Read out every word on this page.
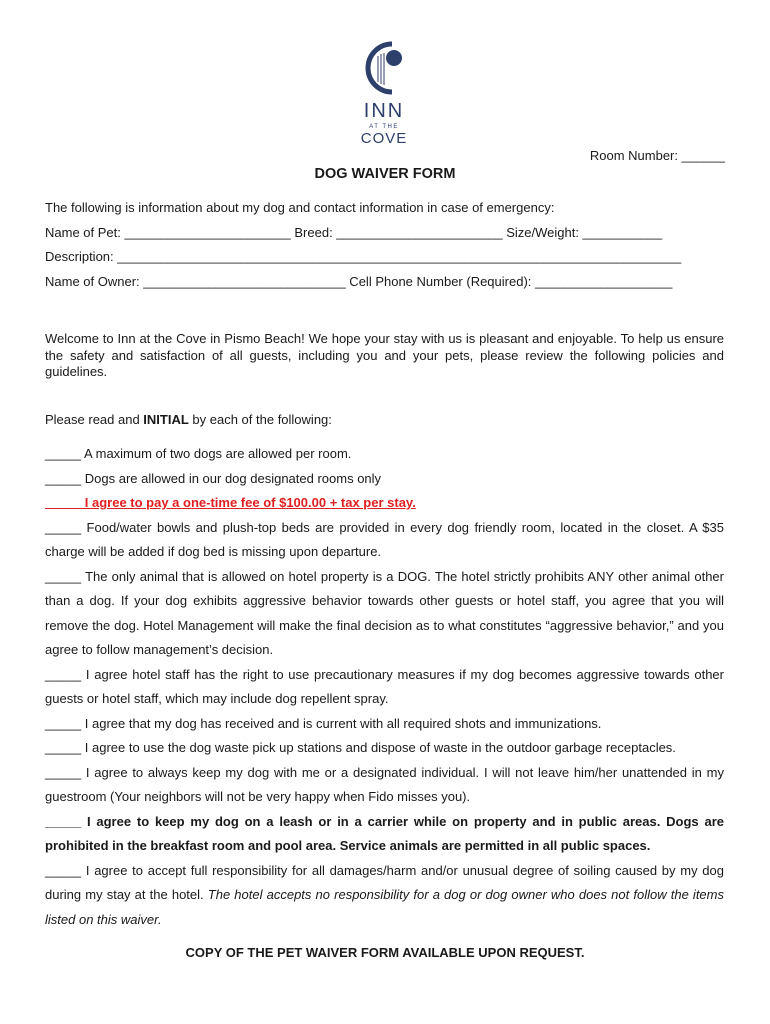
INN
AT THE
COVE
Room Number: ______
DOG WAIVER FORM
The following is information about my dog and contact information in case of emergency:
Name of Pet: _______________________ Breed: _______________________ Size/Weight: ___________
Description: ______________________________________________________________________________
Name of Owner: ____________________________ Cell Phone Number (Required): ___________________
Welcome to Inn at the Cove in Pismo Beach! We hope your stay with us is pleasant and enjoyable. To help us ensure the safety and satisfaction of all guests, including you and your pets, please review the following policies and guidelines.
Please read and INITIAL by each of the following:

_____ A maximum of two dogs are allowed per room.

_____ Dogs are allowed in our dog designated rooms only

_____ I agree to pay a one-time fee of $100.00 + tax per stay.

_____ Food/water bowls and plush-top beds are provided in every dog friendly room, located in the closet. A $35 charge will be added if dog bed is missing upon departure.

_____ The only animal that is allowed on hotel property is a DOG. The hotel strictly prohibits ANY other animal other than a dog. If your dog exhibits aggressive behavior towards other guests or hotel staff, you agree that you will remove the dog. Hotel Management will make the final decision as to what constitutes “aggressive behavior,” and you agree to follow management’s decision.

_____ I agree hotel staff has the right to use precautionary measures if my dog becomes aggressive towards other guests or hotel staff, which may include dog repellent spray.

_____ I agree that my dog has received and is current with all required shots and immunizations.

_____ I agree to use the dog waste pick up stations and dispose of waste in the outdoor garbage receptacles.

_____ I agree to always keep my dog with me or a designated individual. I will not leave him/her unattended in my guestroom (Your neighbors will not be very happy when Fido misses you).

_____ I agree to keep my dog on a leash or in a carrier while on property and in public areas. Dogs are prohibited in the breakfast room and pool area. Service animals are permitted in all public spaces.

_____ I agree to accept full responsibility for all damages/harm and/or unusual degree of soiling caused by my dog during my stay at the hotel. The hotel accepts no responsibility for a dog or dog owner who does not follow the items listed on this waiver.

COPY OF THE PET WAIVER FORM AVAILABLE UPON REQUEST.
